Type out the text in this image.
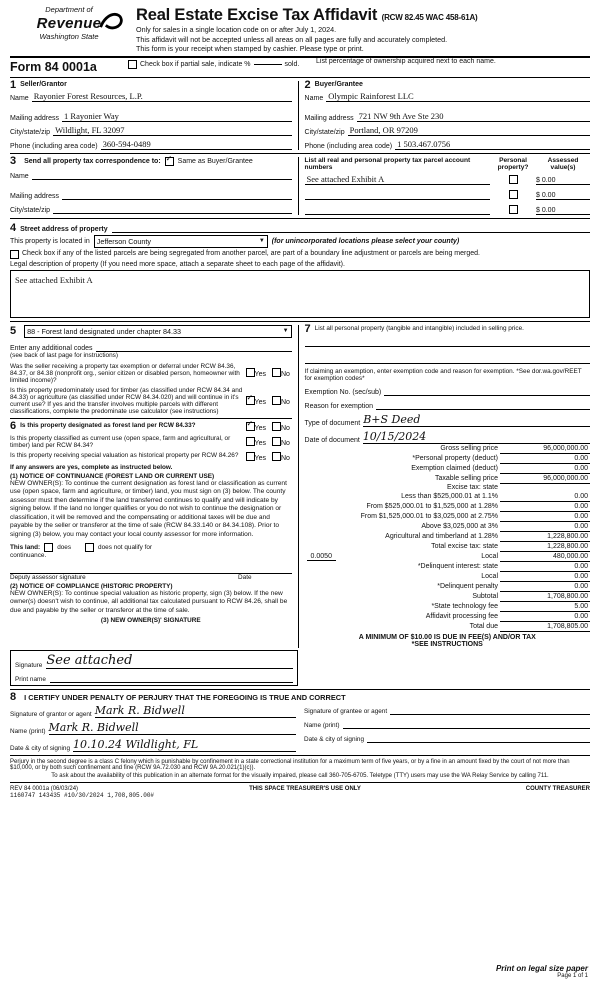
Department of
Revenue
Washington State
Real Estate Excise Tax Affidavit (RCW 82.45 WAC 458-61A)
Only for sales in a single location code on or after July 1, 2024.
This affidavit will not be accepted unless all areas on all pages are fully and accurately completed.
This form is your receipt when stamped by cashier. Please type or print.
Form 84 0001a	Check box if partial sale, indicate %	sold.	List percentage of ownership acquired next to each name.
1 Seller/Grantor
Name Rayonier Forest Resources, L.P.
Mailing address 1 Rayonier Way
City/state/zip Wildlight, FL 32097
Phone (including area code) 360-594-0489
2 Buyer/Grantee
Name Olympic Rainforest LLC
Mailing address 721 NW 9th Ave Ste 230
City/state/zip Portland, OR 97209
Phone (including area code) 1 503.467.0756
3 Send all property tax correspondence to: ✓ Same as Buyer/Grantee
Name
Mailing address
City/state/zip
List all real and personal property tax parcel account numbers
Personal property?
Assessed value(s)
See attached Exhibit A	$ 0.00
$ 0.00
$ 0.00
4 Street address of property
This property is located in Jefferson County	▼ (for unincorporated locations please select your county)
Check box if any of the listed parcels are being segregated from another parcel, are part of a boundary line adjustment or parcels are being merged.
Legal description of property (If you need more space, attach a separate sheet to each page of the affidavit).
See attached Exhibit A
5 88 - Forest land designated under chapter 84.33	▼
Enter any additional codes
(see back of last page for instructions)
Was the seller receiving a property tax exemption or deferral under RCW 84.36, 84.37, or 84.38 (nonprofit org., senior citizen or disabled person, homeowner with limited income)?
Yes	No
Is this property predominately used for timber (as classified under RCW 84.34 and 84.33) or agriculture (as classified under RCW 84.34.020) and will continue in it's current use? If yes and the transfer involves multiple parcels with different classifications, complete the predominate use calculator (see instructions)
✓Yes	No
6 Is this property designated as forest land per RCW 84.33?
✓	Yes	No
Is this property classified as current use (open space, farm and agricultural, or timber) land per RCW 84.34?	Yes	No
Is this property receiving special valuation as historical property per RCW 84.26?	Yes	No
If any answers are yes, complete as instructed below.
(1) NOTICE OF CONTINUANCE (FOREST LAND OR CURRENT USE)
NEW OWNER(S): To continue the current designation as forest land or classification as current use (open space, farm and agriculture, or timber) land, you must sign on (3) below. The county assessor must then determine if the land transferred continues to qualify and will indicate by signing below. If the land no longer qualifies or you do not wish to continue the designation or classification, it will be removed and the compensating or additional taxes will be due and payable by the seller or transferor at the time of sale (RCW 84.33.140 or 84.34.108). Prior to signing (3) below, you may contact your local county assessor for more information.
This land:	does	does not qualify for
continuance.
Deputy assessor signature	Date
(2) NOTICE OF COMPLIANCE (HISTORIC PROPERTY)
NEW OWNER(S): To continue special valuation as historic property, sign (3) below. If the new owner(s) doesn't wish to continue, all additional tax calculated pursuant to RCW 84.26, shall be due and payable by the seller or transferor at the time of sale.
(3) NEW OWNER(S)' SIGNATURE
7 List all personal property (tangible and intangible) included in selling price.
If claiming an exemption, enter exemption code and reason for exemption. *See dor.wa.gov/REET for exemption codes*
Exemption No. (sec/sub)
Reason for exemption
Type of document B+S Deed
Date of document 10/15/2024
Gross selling price	96,000,000.00
*Personal property (deduct)	0.00
Exemption claimed (deduct)	0.00
Taxable selling price	96,000,000.00
Excise tax: state	
Less than $525,000.01 at 1.1%	0.00
From $525,000.01 to $1,525,000 at 1.28%	0.00
From $1,525,000.01 to $3,025,000 at 2.75%	0.00
Above $3,025,000 at 3%	0.00
Agricultural and timberland at 1.28%	1,228,800.00
Total excise tax: state	1,228,800.00

0.0050 Local	480,000.00
*Delinquent interest: state	0.00
Local	0.00
*Delinquent penalty	0.00
Subtotal	1,708,800.00
*State technology fee	5.00
Affidavit processing fee	0.00
Total due	1,708,805.00
A MINIMUM OF $10.00 IS DUE IN FEE(S) AND/OR TAX
*SEE INSTRUCTIONS
Signature See attached
Print name
8 I CERTIFY UNDER PENALTY OF PERJURY THAT THE FOREGOING IS TRUE AND CORRECT
Signature of grantor or agent Mark R. Bidwell
Name (print) Mark R. Bidwell
Date & city of signing 10.10.24 Wildlight, FL
Signature of grantee or agent
Name (print)
Date & city of signing
Perjury in the second degree is a class C felony which is punishable by confinement in a state correctional institution for a maximum term of five years, or by a fine in an amount fixed by the court of not more than $10,000, or by both such confinement and fine (RCW 9A.72.030 and RCW 9A.20.021(1)(c)).
To ask about the availability of this publication in an alternate format for the visually impaired, please call 360-705-6705. Teletype (TTY) users may use the WA Relay Service by calling 711.
REV 84 0001a (06/03/24)
1160747 143435 #10/30/2024 1,708,805.00#
THIS SPACE TREASURER'S USE ONLY	COUNTY TREASURER
Print on legal size paper
Page 1 of 1
